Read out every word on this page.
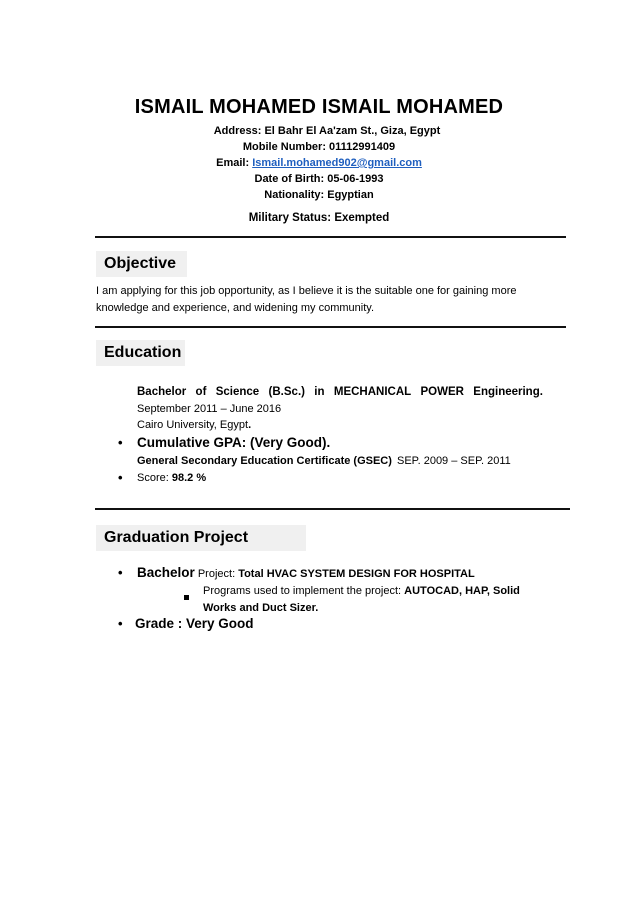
ISMAIL MOHAMED ISMAIL MOHAMED
Address: El Bahr El Aa'zam St., Giza, Egypt
Mobile Number: 01112991409
Email: Ismail.mohamed902@gmail.com
Date of Birth: 05-06-1993
Nationality: Egyptian
Military Status: Exempted
Objective
I am applying for this job opportunity, as I believe it is the suitable one for gaining more
knowledge and experience, and widening my community.
Education
Bachelor of Science (B.Sc.) in MECHANICAL POWER Engineering.
September 2011 – June 2016
Cairo University, Egypt.
• Cumulative GPA: (Very Good).
General Secondary Education Certificate (GSEC) SEP. 2009 – SEP. 2011
• Score: 98.2 %
Graduation Project
• Bachelor Project: Total HVAC SYSTEM DESIGN FOR HOSPITAL
Programs used to implement the project: AUTOCAD, HAP, Solid
Works and Duct Sizer.
• Grade : Very Good
